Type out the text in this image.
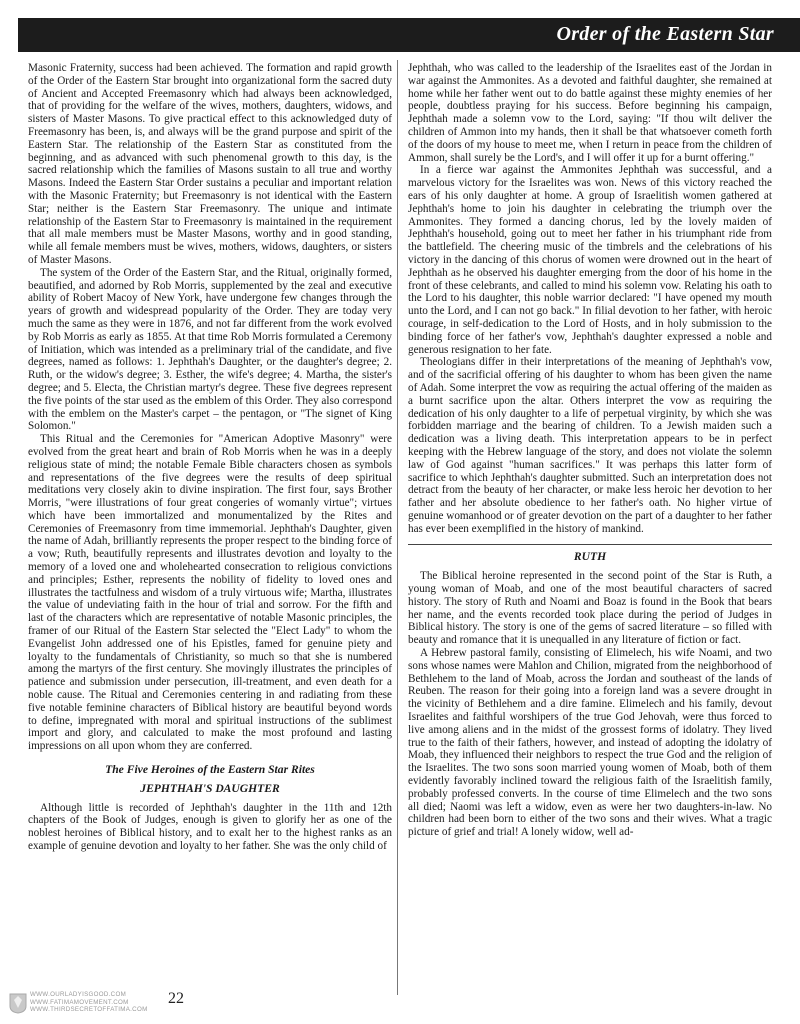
Order of the Eastern Star

Masonic Fraternity, success had been achieved. The formation and rapid growth of the Order of the Eastern Star brought into organizational form the sacred duty of Ancient and Accepted Freemasonry which had always been acknowledged, that of providing for the welfare of the wives, mothers, daughters, widows, and sisters of Master Masons. To give practical effect to this acknowledged duty of Freemasonry has been, is, and always will be the grand purpose and spirit of the Eastern Star. The relationship of the Eastern Star as constituted from the beginning, and as advanced with such phenomenal growth to this day, is the sacred relationship which the families of Masons sustain to all true and worthy Masons. Indeed the Eastern Star Order sustains a peculiar and important relation with the Masonic Fraternity; but Freemasonry is not identical with the Eastern Star; neither is the Eastern Star Freemasonry. The unique and intimate relationship of the Eastern Star to Freemasonry is maintained in the requirement that all male members must be Master Masons, worthy and in good standing, while all female members must be wives, mothers, widows, daughters, or sisters of Master Masons.

The system of the Order of the Eastern Star, and the Ritual, originally formed, beautified, and adorned by Rob Morris, supplemented by the zeal and executive ability of Robert Macoy of New York, have undergone few changes through the years of growth and widespread popularity of the Order. They are today very much the same as they were in 1876, and not far different from the work evolved by Rob Morris as early as 1855. At that time Rob Morris formulated a Ceremony of Initiation, which was intended as a preliminary trial of the candidate, and five degrees, named as follows: 1. Jephthah's Daughter, or the daughter's degree; 2. Ruth, or the widow's degree; 3. Esther, the wife's degree; 4. Martha, the sister's degree; and 5. Electa, the Christian martyr's degree. These five degrees represent the five points of the star used as the emblem of this Order. They also correspond with the emblem on the Master's carpet – the pentagon, or "The signet of King Solomon."

This Ritual and the Ceremonies for "American Adoptive Masonry" were evolved from the great heart and brain of Rob Morris when he was in a deeply religious state of mind; the notable Female Bible characters chosen as symbols and representations of the five degrees were the results of deep spiritual meditations very closely akin to divine inspiration. The first four, says Brother Morris, "were illustrations of four great congeries of womanly virtue"; virtues which have been immortalized and monumentalized by the Rites and Ceremonies of Freemasonry from time immemorial. Jephthah's Daughter, given the name of Adah, brilliantly represents the proper respect to the binding force of a vow; Ruth, beautifully represents and illustrates devotion and loyalty to the memory of a loved one and wholehearted consecration to religious convictions and principles; Esther, represents the nobility of fidelity to loved ones and illustrates the tactfulness and wisdom of a truly virtuous wife; Martha, illustrates the value of undeviating faith in the hour of trial and sorrow. For the fifth and last of the characters which are representative of notable Masonic principles, the framer of our Ritual of the Eastern Star selected the "Elect Lady" to whom the Evangelist John addressed one of his Epistles, famed for genuine piety and loyalty to the fundamentals of Christianity, so much so that she is numbered among the martyrs of the first century. She movingly illustrates the principles of patience and submission under persecution, ill-treatment, and even death for a noble cause. The Ritual and Ceremonies centering in and radiating from these five notable feminine characters of Biblical history are beautiful beyond words to define, impregnated with moral and spiritual instructions of the sublimest import and glory, and calculated to make the most profound and lasting impressions on all upon whom they are conferred.

The Five Heroines of the Eastern Star Rites
JEPHTHAH'S DAUGHTER

Although little is recorded of Jephthah's daughter in the 11th and 12th chapters of the Book of Judges, enough is given to glorify her as one of the noblest heroines of Biblical history, and to exalt her to the highest ranks as an example of genuine devotion and loyalty to her father. She was the only child of

Jephthah, who was called to the leadership of the Israelites east of the Jordan in war against the Ammonites. As a devoted and faithful daughter, she remained at home while her father went out to do battle against these mighty enemies of her people, doubtless praying for his success. Before beginning his campaign, Jephthah made a solemn vow to the Lord, saying: "If thou wilt deliver the children of Ammon into my hands, then it shall be that whatsoever cometh forth of the doors of my house to meet me, when I return in peace from the children of Ammon, shall surely be the Lord's, and I will offer it up for a burnt offering."

In a fierce war against the Ammonites Jephthah was successful, and a marvelous victory for the Israelites was won. News of this victory reached the ears of his only daughter at home. A group of Israelitish women gathered at Jephthah's home to join his daughter in celebrating the triumph over the Ammonites. They formed a dancing chorus, led by the lovely maiden of Jephthah's household, going out to meet her father in his triumphant ride from the battlefield. The cheering music of the timbrels and the celebrations of his victory in the dancing of this chorus of women were drowned out in the heart of Jephthah as he observed his daughter emerging from the door of his home in the front of these celebrants, and called to mind his solemn vow. Relating his oath to the Lord to his daughter, this noble warrior declared: "I have opened my mouth unto the Lord, and I can not go back." In filial devotion to her father, with heroic courage, in self-dedication to the Lord of Hosts, and in holy submission to the binding force of her father's vow, Jephthah's daughter expressed a noble and generous resignation to her fate.

Theologians differ in their interpretations of the meaning of Jephthah's vow, and of the sacrificial offering of his daughter to whom has been given the name of Adah. Some interpret the vow as requiring the actual offering of the maiden as a burnt sacrifice upon the altar. Others interpret the vow as requiring the dedication of his only daughter to a life of perpetual virginity, by which she was forbidden marriage and the bearing of children. To a Jewish maiden such a dedication was a living death. This interpretation appears to be in perfect keeping with the Hebrew language of the story, and does not violate the solemn law of God against "human sacrifices." It was perhaps this latter form of sacrifice to which Jephthah's daughter submitted. Such an interpretation does not detract from the beauty of her character, or make less heroic her devotion to her father and her absolute obedience to her father's oath. No higher virtue of genuine womanhood or of greater devotion on the part of a daughter to her father has ever been exemplified in the history of mankind.

RUTH

The Biblical heroine represented in the second point of the Star is Ruth, a young woman of Moab, and one of the most beautiful characters of sacred history. The story of Ruth and Noami and Boaz is found in the Book that bears her name, and the events recorded took place during the period of Judges in Biblical history. The story is one of the gems of sacred literature – so filled with beauty and romance that it is unequalled in any literature of fiction or fact.

A Hebrew pastoral family, consisting of Elimelech, his wife Noami, and two sons whose names were Mahlon and Chilion, migrated from the neighborhood of Bethlehem to the land of Moab, across the Jordan and southeast of the lands of Reuben. The reason for their going into a foreign land was a severe drought in the vicinity of Bethlehem and a dire famine. Elimelech and his family, devout Israelites and faithful worshipers of the true God Jehovah, were thus forced to live among aliens and in the midst of the grossest forms of idolatry. They lived true to the faith of their fathers, however, and instead of adopting the idolatry of Moab, they influenced their neighbors to respect the true God and the religion of the Israelites. The two sons soon married young women of Moab, both of them evidently favorably inclined toward the religious faith of the Israelitish family, probably professed converts. In the course of time Elimelech and the two sons all died; Naomi was left a widow, even as were her two daughters-in-law. No children had been born to either of the two sons and their wives. What a tragic picture of grief and trial! A lonely widow, well ad-

WWW.OURLADYISGOOD.COM
WWW.FATIMAMOVEMENT.COM
WWW.THIRDSECRETOFFATIMA.COM
22
